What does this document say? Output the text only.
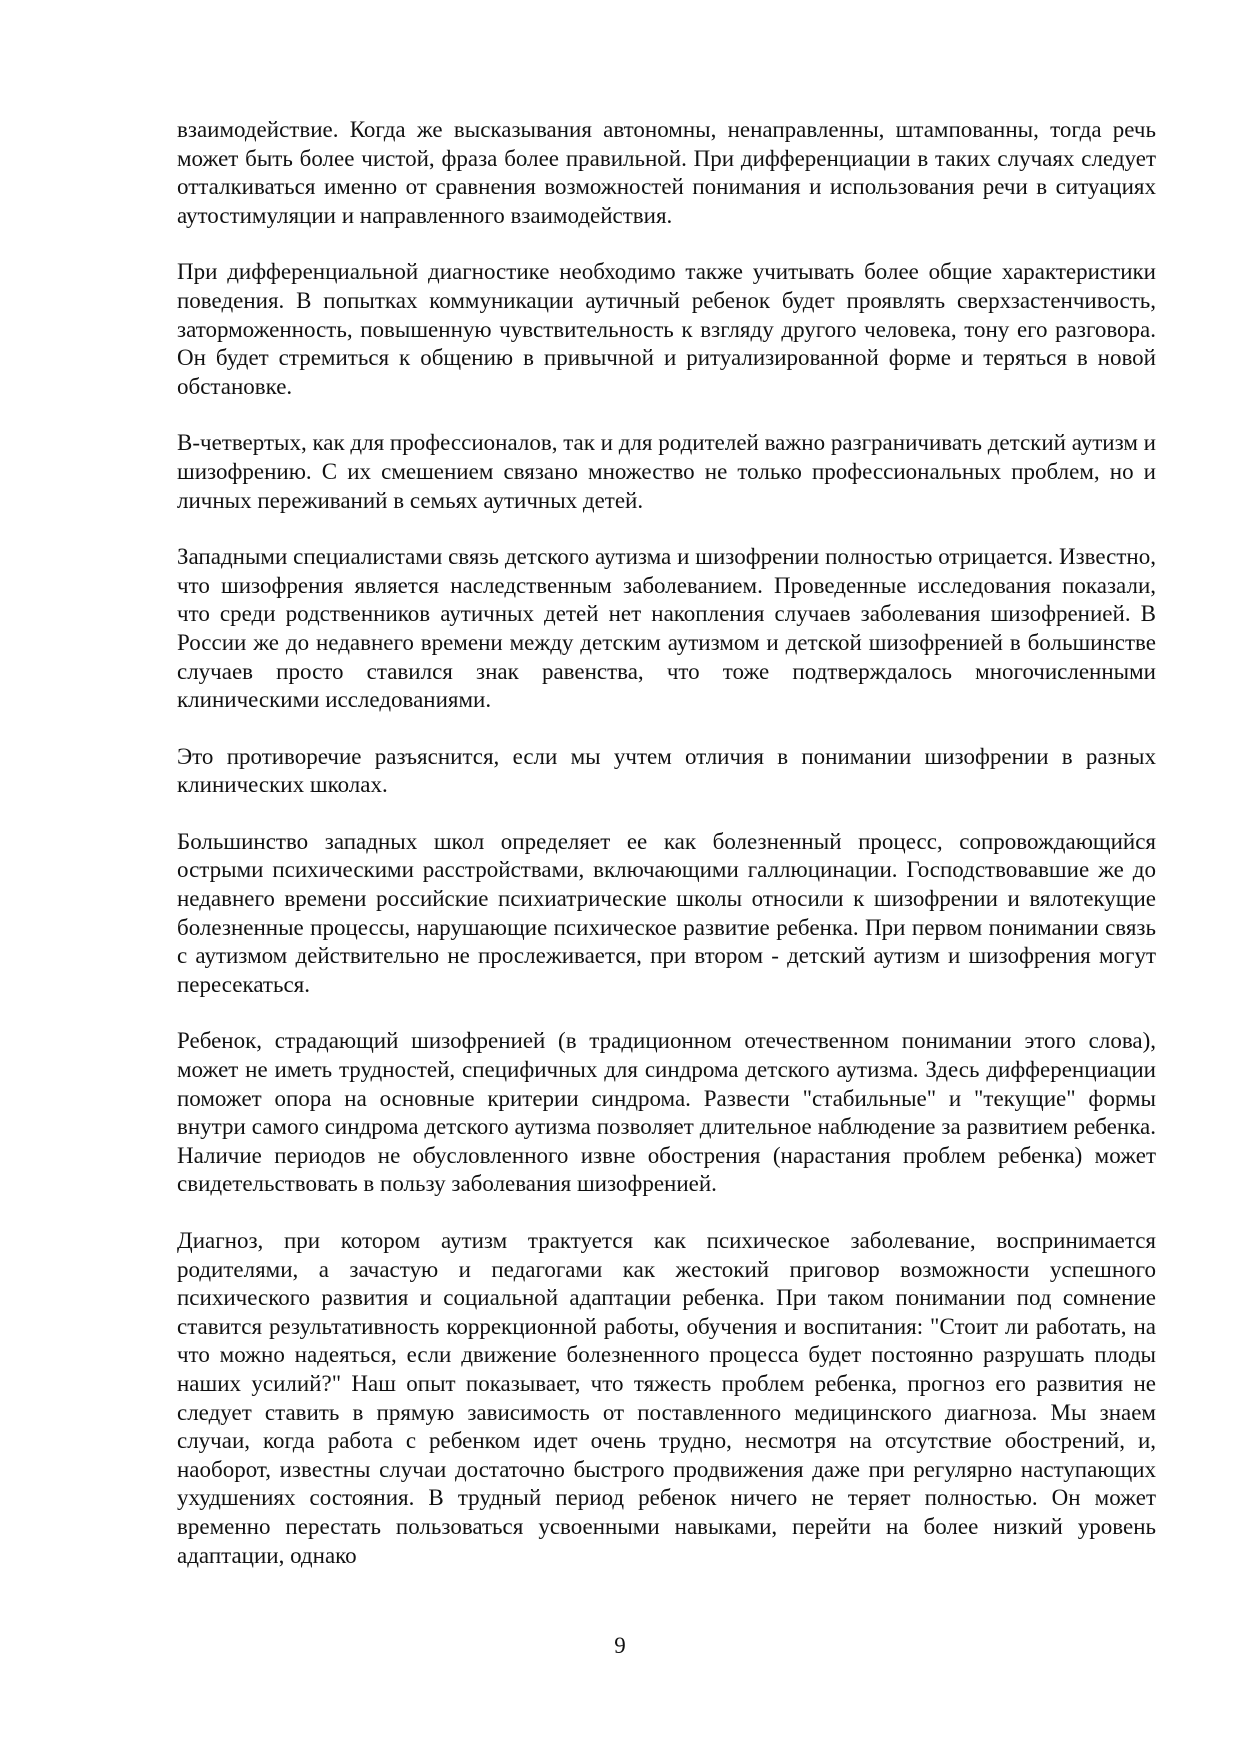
взаимодействие. Когда же высказывания автономны, ненаправленны, штампованны, тогда речь может быть более чистой, фраза более правильной. При дифференциации в таких случаях следует отталкиваться именно от сравнения возможностей понимания и использования речи в ситуациях аутостимуляции и направленного взаимодействия.

При дифференциальной диагностике необходимо также учитывать более общие характеристики поведения. В попытках коммуникации аутичный ребенок будет проявлять сверхзастенчивость, заторможенность, повышенную чувствительность к взгляду другого человека, тону его разговора. Он будет стремиться к общению в привычной и ритуализированной форме и теряться в новой обстановке.

В-четвертых, как для профессионалов, так и для родителей важно разграничивать детский аутизм и шизофрению. С их смешением связано множество не только профессиональных проблем, но и личных переживаний в семьях аутичных детей.

Западными специалистами связь детского аутизма и шизофрении полностью отрицается. Известно, что шизофрения является наследственным заболеванием. Проведенные исследования показали, что среди родственников аутичных детей нет накопления случаев заболевания шизофренией. В России же до недавнего времени между детским аутизмом и детской шизофренией в большинстве случаев просто ставился знак равенства, что тоже подтверждалось многочисленными клиническими исследованиями.

Это противоречие разъяснится, если мы учтем отличия в понимании шизофрении в разных клинических школах.

Большинство западных школ определяет ее как болезненный процесс, сопровождающийся острыми психическими расстройствами, включающими галлюцинации. Господствовавшие же до недавнего времени российские психиатрические школы относили к шизофрении и вялотекущие болезненные процессы, нарушающие психическое развитие ребенка. При первом понимании связь с аутизмом действительно не прослеживается, при втором - детский аутизм и шизофрения могут пересекаться.

Ребенок, страдающий шизофренией (в традиционном отечественном понимании этого слова), может не иметь трудностей, специфичных для синдрома детского аутизма. Здесь дифференциации поможет опора на основные критерии синдрома. Развести "стабильные" и "текущие" формы внутри самого синдрома детского аутизма позволяет длительное наблюдение за развитием ребенка. Наличие периодов не обусловленного извне обострения (нарастания проблем ребенка) может свидетельствовать в пользу заболевания шизофренией.

Диагноз, при котором аутизм трактуется как психическое заболевание, воспринимается родителями, а зачастую и педагогами как жестокий приговор возможности успешного психического развития и социальной адаптации ребенка. При таком понимании под сомнение ставится результативность коррекционной работы, обучения и воспитания: "Стоит ли работать, на что можно надеяться, если движение болезненного процесса будет постоянно разрушать плоды наших усилий?" Наш опыт показывает, что тяжесть проблем ребенка, прогноз его развития не следует ставить в прямую зависимость от поставленного медицинского диагноза. Мы знаем случаи, когда работа с ребенком идет очень трудно, несмотря на отсутствие обострений, и, наоборот, известны случаи достаточно быстрого продвижения даже при регулярно наступающих ухудшениях состояния. В трудный период ребенок ничего не теряет полностью. Он может временно перестать пользоваться усвоенными навыками, перейти на более низкий уровень адаптации, однако

9
